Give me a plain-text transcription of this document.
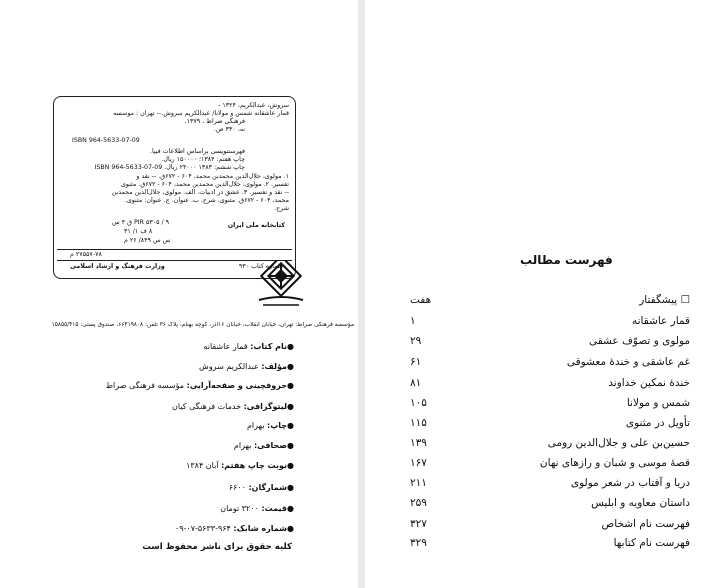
سروش، عبدالکریم، ۱۳۲۴ -
قمار عاشقانه شمس و مولانا/ عبدالکریم سروش.-- تهران : موسسه
فرهنگی صراط ، ۱۳۷۹.
نه، ۳۳۰ ص.
ISBN 964-5633-07-09
فهرستنویسی براساس اطلاعات فیپا.
چاپ هفتم: ۱۳۸۴؛ ۱۵۰۰۰۰ ریال.
چاپ ششم: ۱۳۸۳ ۲۴۰۰۰ ریال. ISBN 964-5633-07-09
۱. مولوی، جلال‌الدین محمدبن محمد، ۶۰۴ - ۶۷۲ق. -- نقد و
تفسیر. ۲. مولوی، جلال‌الدین محمدبن محمد، ۶۰۴ - ۶۷۲ق. مثنوی
-- نقد و تفسیر. ۳. عشق در ادبیات. الف. مولوی، جلال‌الدین محمدبن
محمد، ۶۰۴ - ۶۷۲ق. مثنوی. شرح. ب. عنوان. ج. عنوان: مثنوی.
شرح.
PIR ۵۳۰۵ / ۹ ق ۴ س
۸ ف ۱/ ۳۱
س س ۸۴۹/ ۲۶ م
کتابخانه ملی ایران
۲۷۵۵۷-۷۸ م
وزارت فرهنگ و ارشاد اسلامی	شماره کتاب ۹۳۰
مؤسسه فرهنگی صراط: تهران، خیابان انقلاب، خیابان ۱۶آذر، کوچه بهنام، پلاک ۳۶ تلفن: ۶۶۴۱۹۸۰۸، صندوق پستی: ۱۵۸۵۵/۴۱۵
●نام کتاب: قمار عاشقانه
●مؤلف: عبدالکریم سروش
●حروفچینی و صفحه‌آرایی: مؤسسه فرهنگی صراط
●لیتوگرافی: خدمات فرهنگی کیان
●چاپ: بهرام
●صحافی: بهرام
●نوبت چاپ هفتم: آبان ۱۳۸۴
●شمارگان: ۶۶۰۰
●قیمت: ۳۲۰۰ تومان
●شماره شابک: ۹۶۴-۵۶۳۳-۰۷-۰۹
کلیه حقوق برای ناشر محفوظ است
فهرست مطالب
☐ پیشگفتار
هفت
قمار عاشقانه
۱
مولوی و تصوّف عشقی
۲۹
غم عاشقی و خندهٔ معشوقی
۶۱
خندهٔ نمکین خداوند
۸۱
شمس و مولانا
۱۰۵
تأویل در مثنوی
۱۱۵
حسین‌بن علی و جلال‌الدین رومی
۱۳۹
قصهٔ موسی و شبان و رازهای نهان
۱۶۷
دریا و آفتاب در شعر مولوی
۲۱۱
داستان معاویه و ابلیس
۲۵۹
فهرست نام اشخاص
۳۲۷
فهرست نام کتابها
۳۲۹
